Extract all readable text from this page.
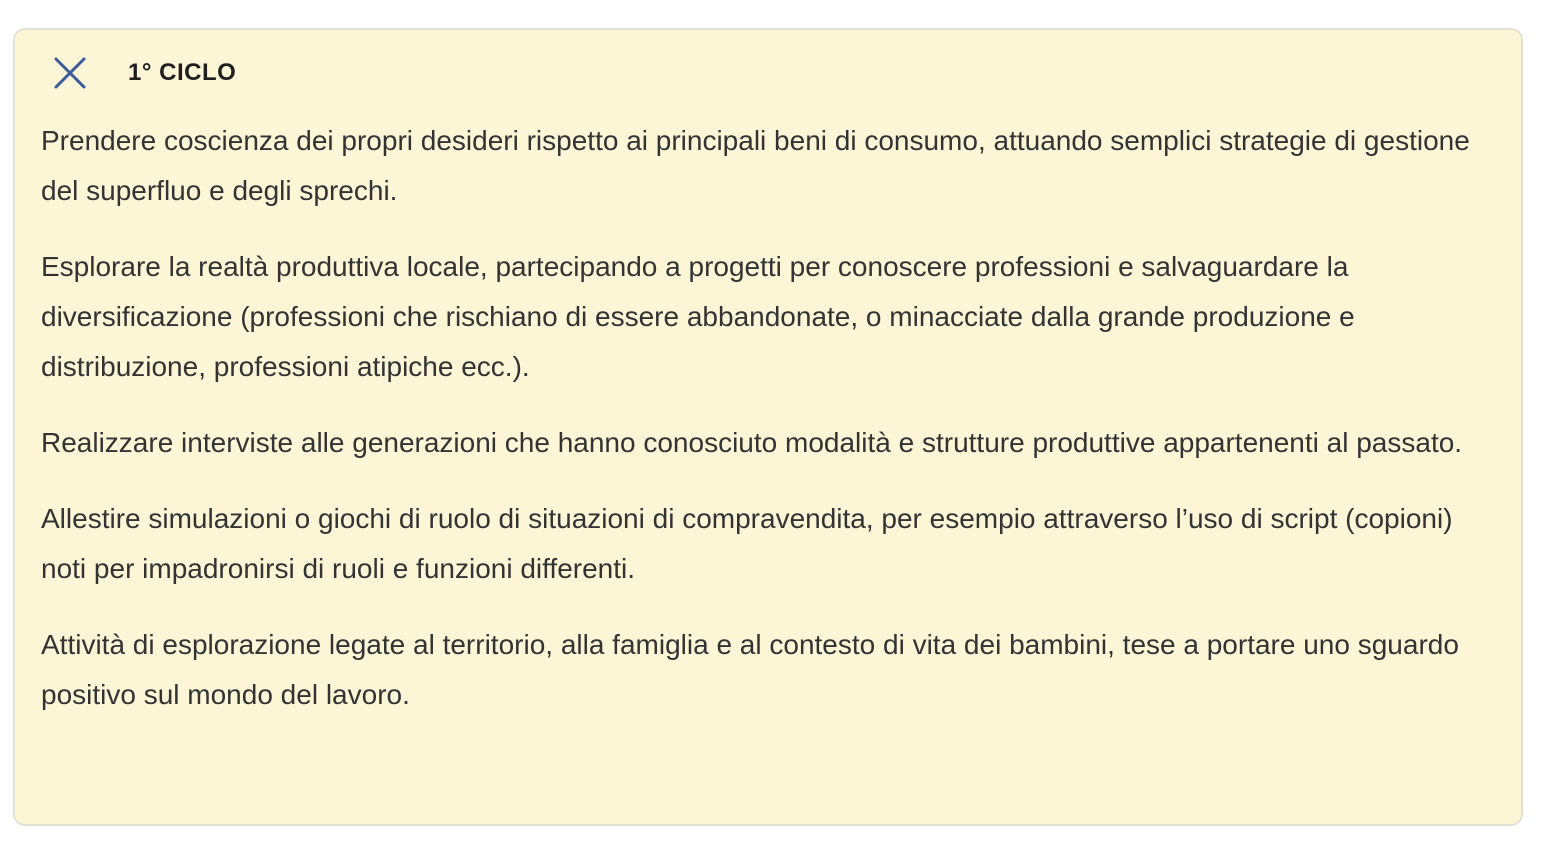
1° CICLO

Prendere coscienza dei propri desideri rispetto ai principali beni di consumo, attuando semplici strategie di gestione del superfluo e degli sprechi.

Esplorare la realtà produttiva locale, partecipando a progetti per conoscere professioni e salvaguardare la diversificazione (professioni che rischiano di essere abbandonate, o minacciate dalla grande produzione e distribuzione, professioni atipiche ecc.).

Realizzare interviste alle generazioni che hanno conosciuto modalità e strutture produttive appartenenti al passato.

Allestire simulazioni o giochi di ruolo di situazioni di compravendita, per esempio attraverso l’uso di script (copioni) noti per impadronirsi di ruoli e funzioni differenti.

Attività di esplorazione legate al territorio, alla famiglia e al contesto di vita dei bambini, tese a portare uno sguardo positivo sul mondo del lavoro.
